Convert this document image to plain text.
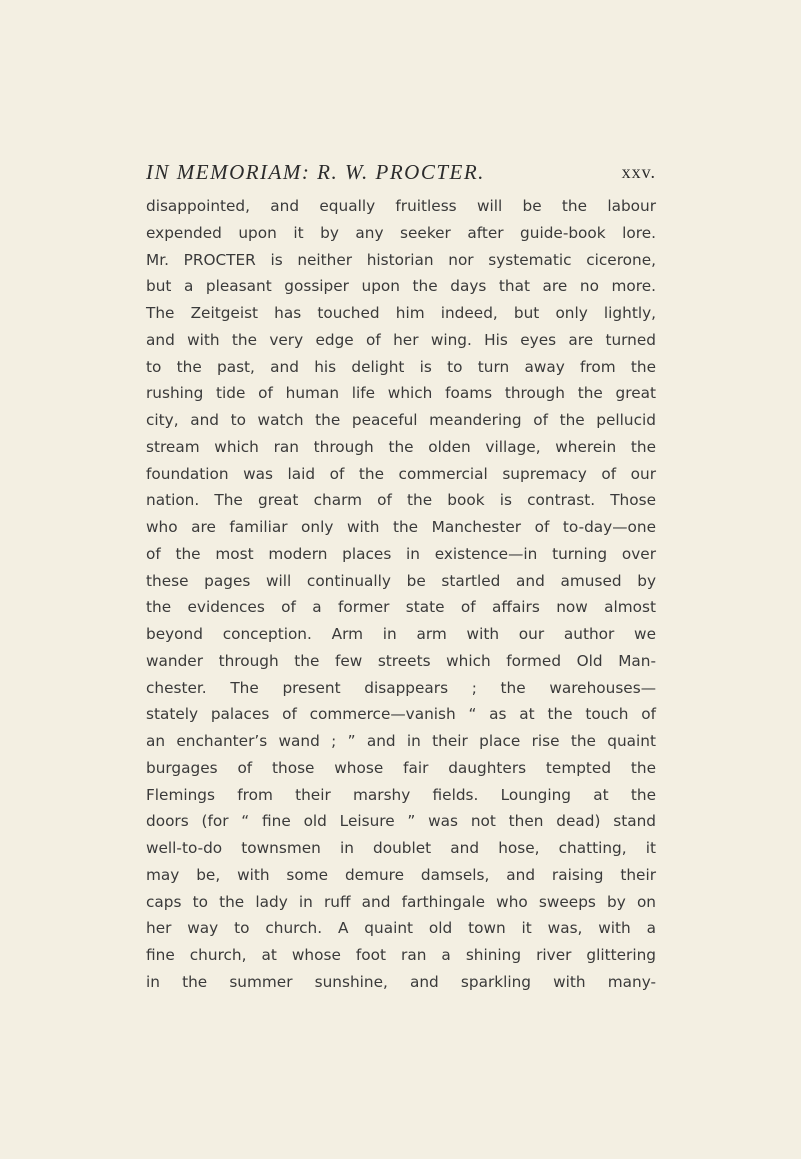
IN MEMORIAM: R. W. PROCTER.	xxv.
disappointed, and equally fruitless will be the labour
expended upon it by any seeker after guide-book lore.
Mr. PROCTER is neither historian nor systematic cicerone,
but a pleasant gossiper upon the days that are no more.
The Zeitgeist has touched him indeed, but only lightly,
and with the very edge of her wing. His eyes are turned
to the past, and his delight is to turn away from the
rushing tide of human life which foams through the great
city, and to watch the peaceful meandering of the pellucid
stream which ran through the olden village, wherein the
foundation was laid of the commercial supremacy of our
nation. The great charm of the book is contrast. Those
who are familiar only with the Manchester of to-day—one
of the most modern places in existence—in turning over
these pages will continually be startled and amused by
the evidences of a former state of affairs now almost
beyond conception. Arm in arm with our author we
wander through the few streets which formed Old Man-
chester. The present disappears ; the warehouses—
stately palaces of commerce—vanish “ as at the touch of
an enchanter’s wand ; ” and in their place rise the quaint
burgages of those whose fair daughters tempted the
Flemings from their marshy fields. Lounging at the
doors (for “ fine old Leisure ” was not then dead) stand
well-to-do townsmen in doublet and hose, chatting, it
may be, with some demure damsels, and raising their
caps to the lady in ruff and farthingale who sweeps by on
her way to church. A quaint old town it was, with a
fine church, at whose foot ran a shining river glittering
in the summer sunshine, and sparkling with many-
